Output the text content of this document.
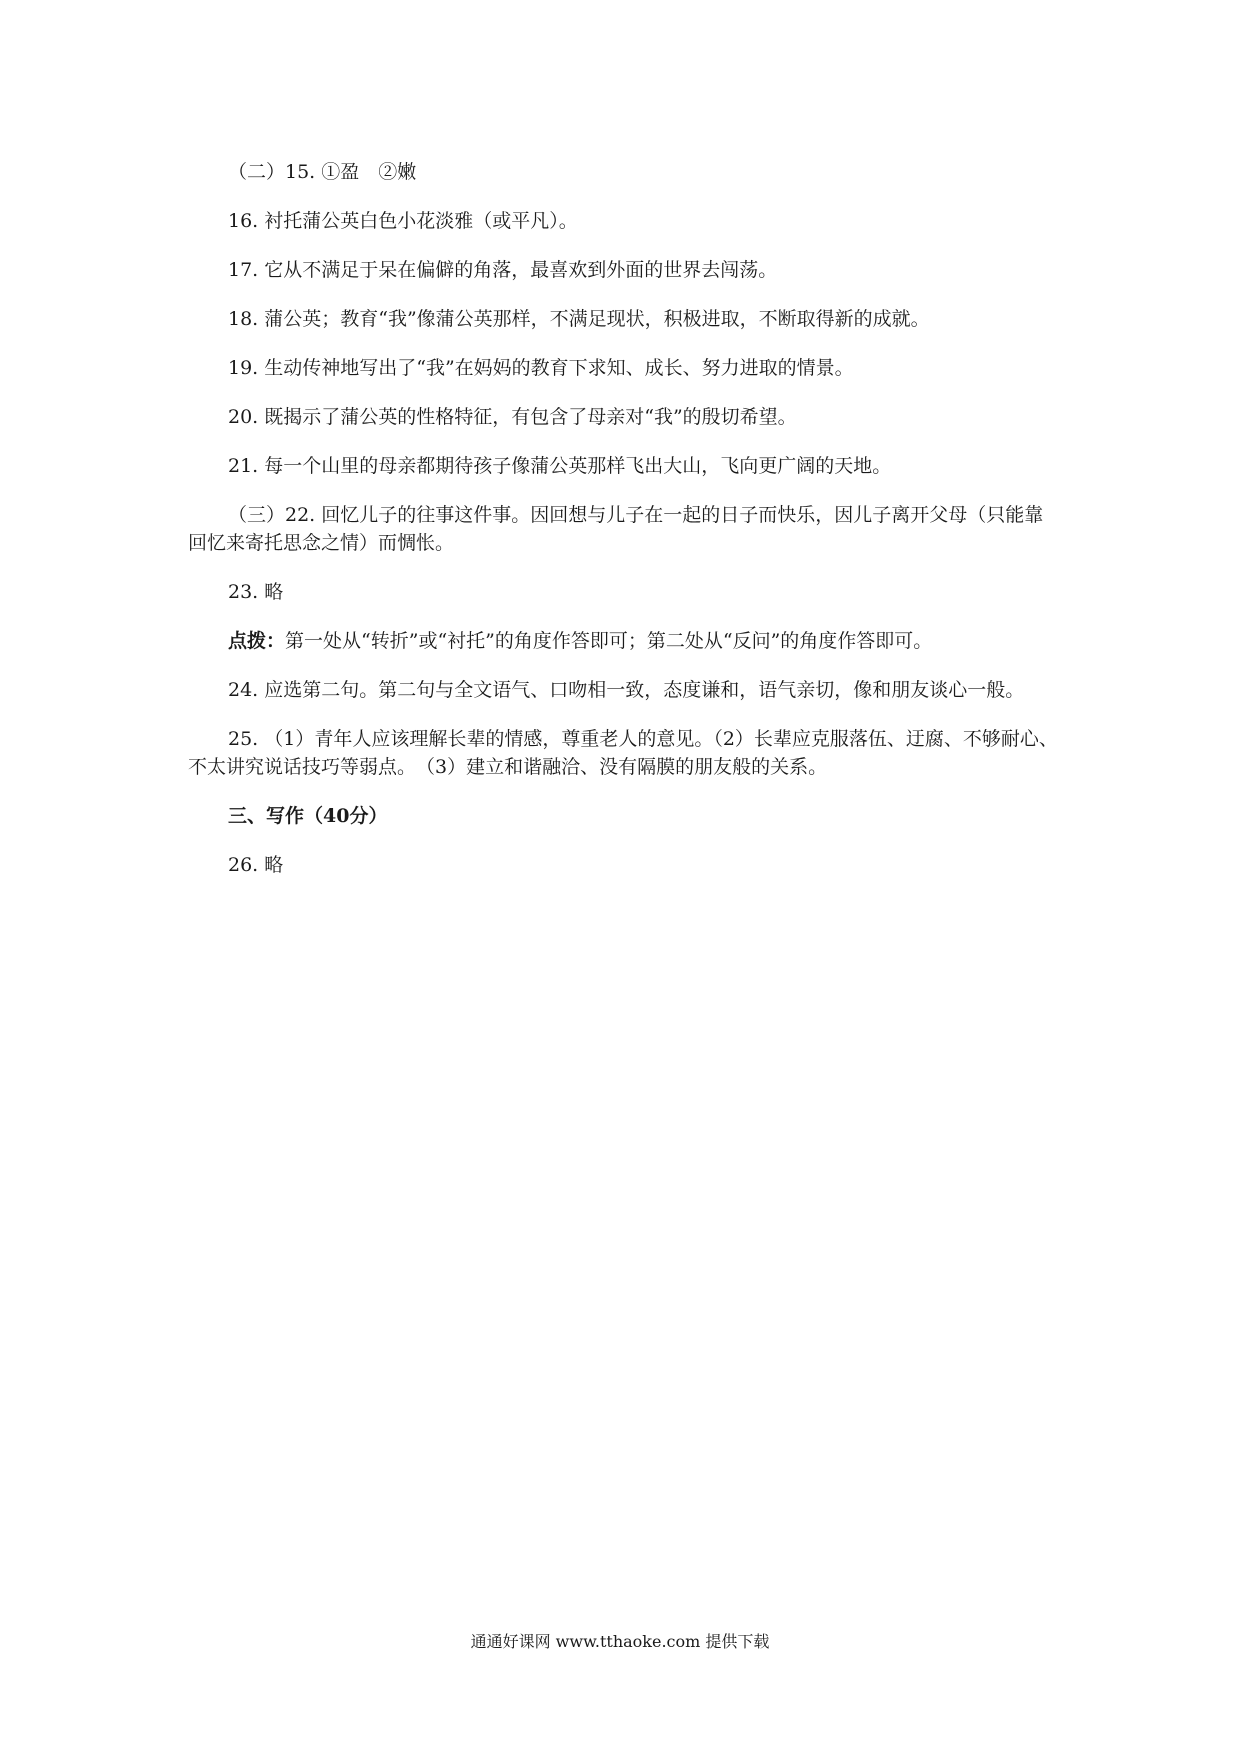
（二）15. ①盈　②嫩

16. 衬托蒲公英白色小花淡雅（或平凡）。

17. 它从不满足于呆在偏僻的角落，最喜欢到外面的世界去闯荡。

18. 蒲公英；教育“我”像蒲公英那样，不满足现状，积极进取，不断取得新的成就。

19. 生动传神地写出了“我”在妈妈的教育下求知、成长、努力进取的情景。

20. 既揭示了蒲公英的性格特征，有包含了母亲对“我”的殷切希望。

21. 每一个山里的母亲都期待孩子像蒲公英那样飞出大山，飞向更广阔的天地。

（三）22. 回忆儿子的往事这件事。因回想与儿子在一起的日子而快乐，因儿子离开父母（只能靠回忆来寄托思念之情）而惆怅。

23. 略

点拨：第一处从“转折”或“衬托”的角度作答即可；第二处从“反问”的角度作答即可。

24. 应选第二句。第二句与全文语气、口吻相一致，态度谦和，语气亲切，像和朋友谈心一般。

25. （1）青年人应该理解长辈的情感，尊重老人的意见。（2）长辈应克服落伍、迂腐、不够耐心、不太讲究说话技巧等弱点。　（3）建立和谐融洽、没有隔膜的朋友般的关系。

三、写作（40分）

26. 略

通通好课网 www.tthaoke.com 提供下载
